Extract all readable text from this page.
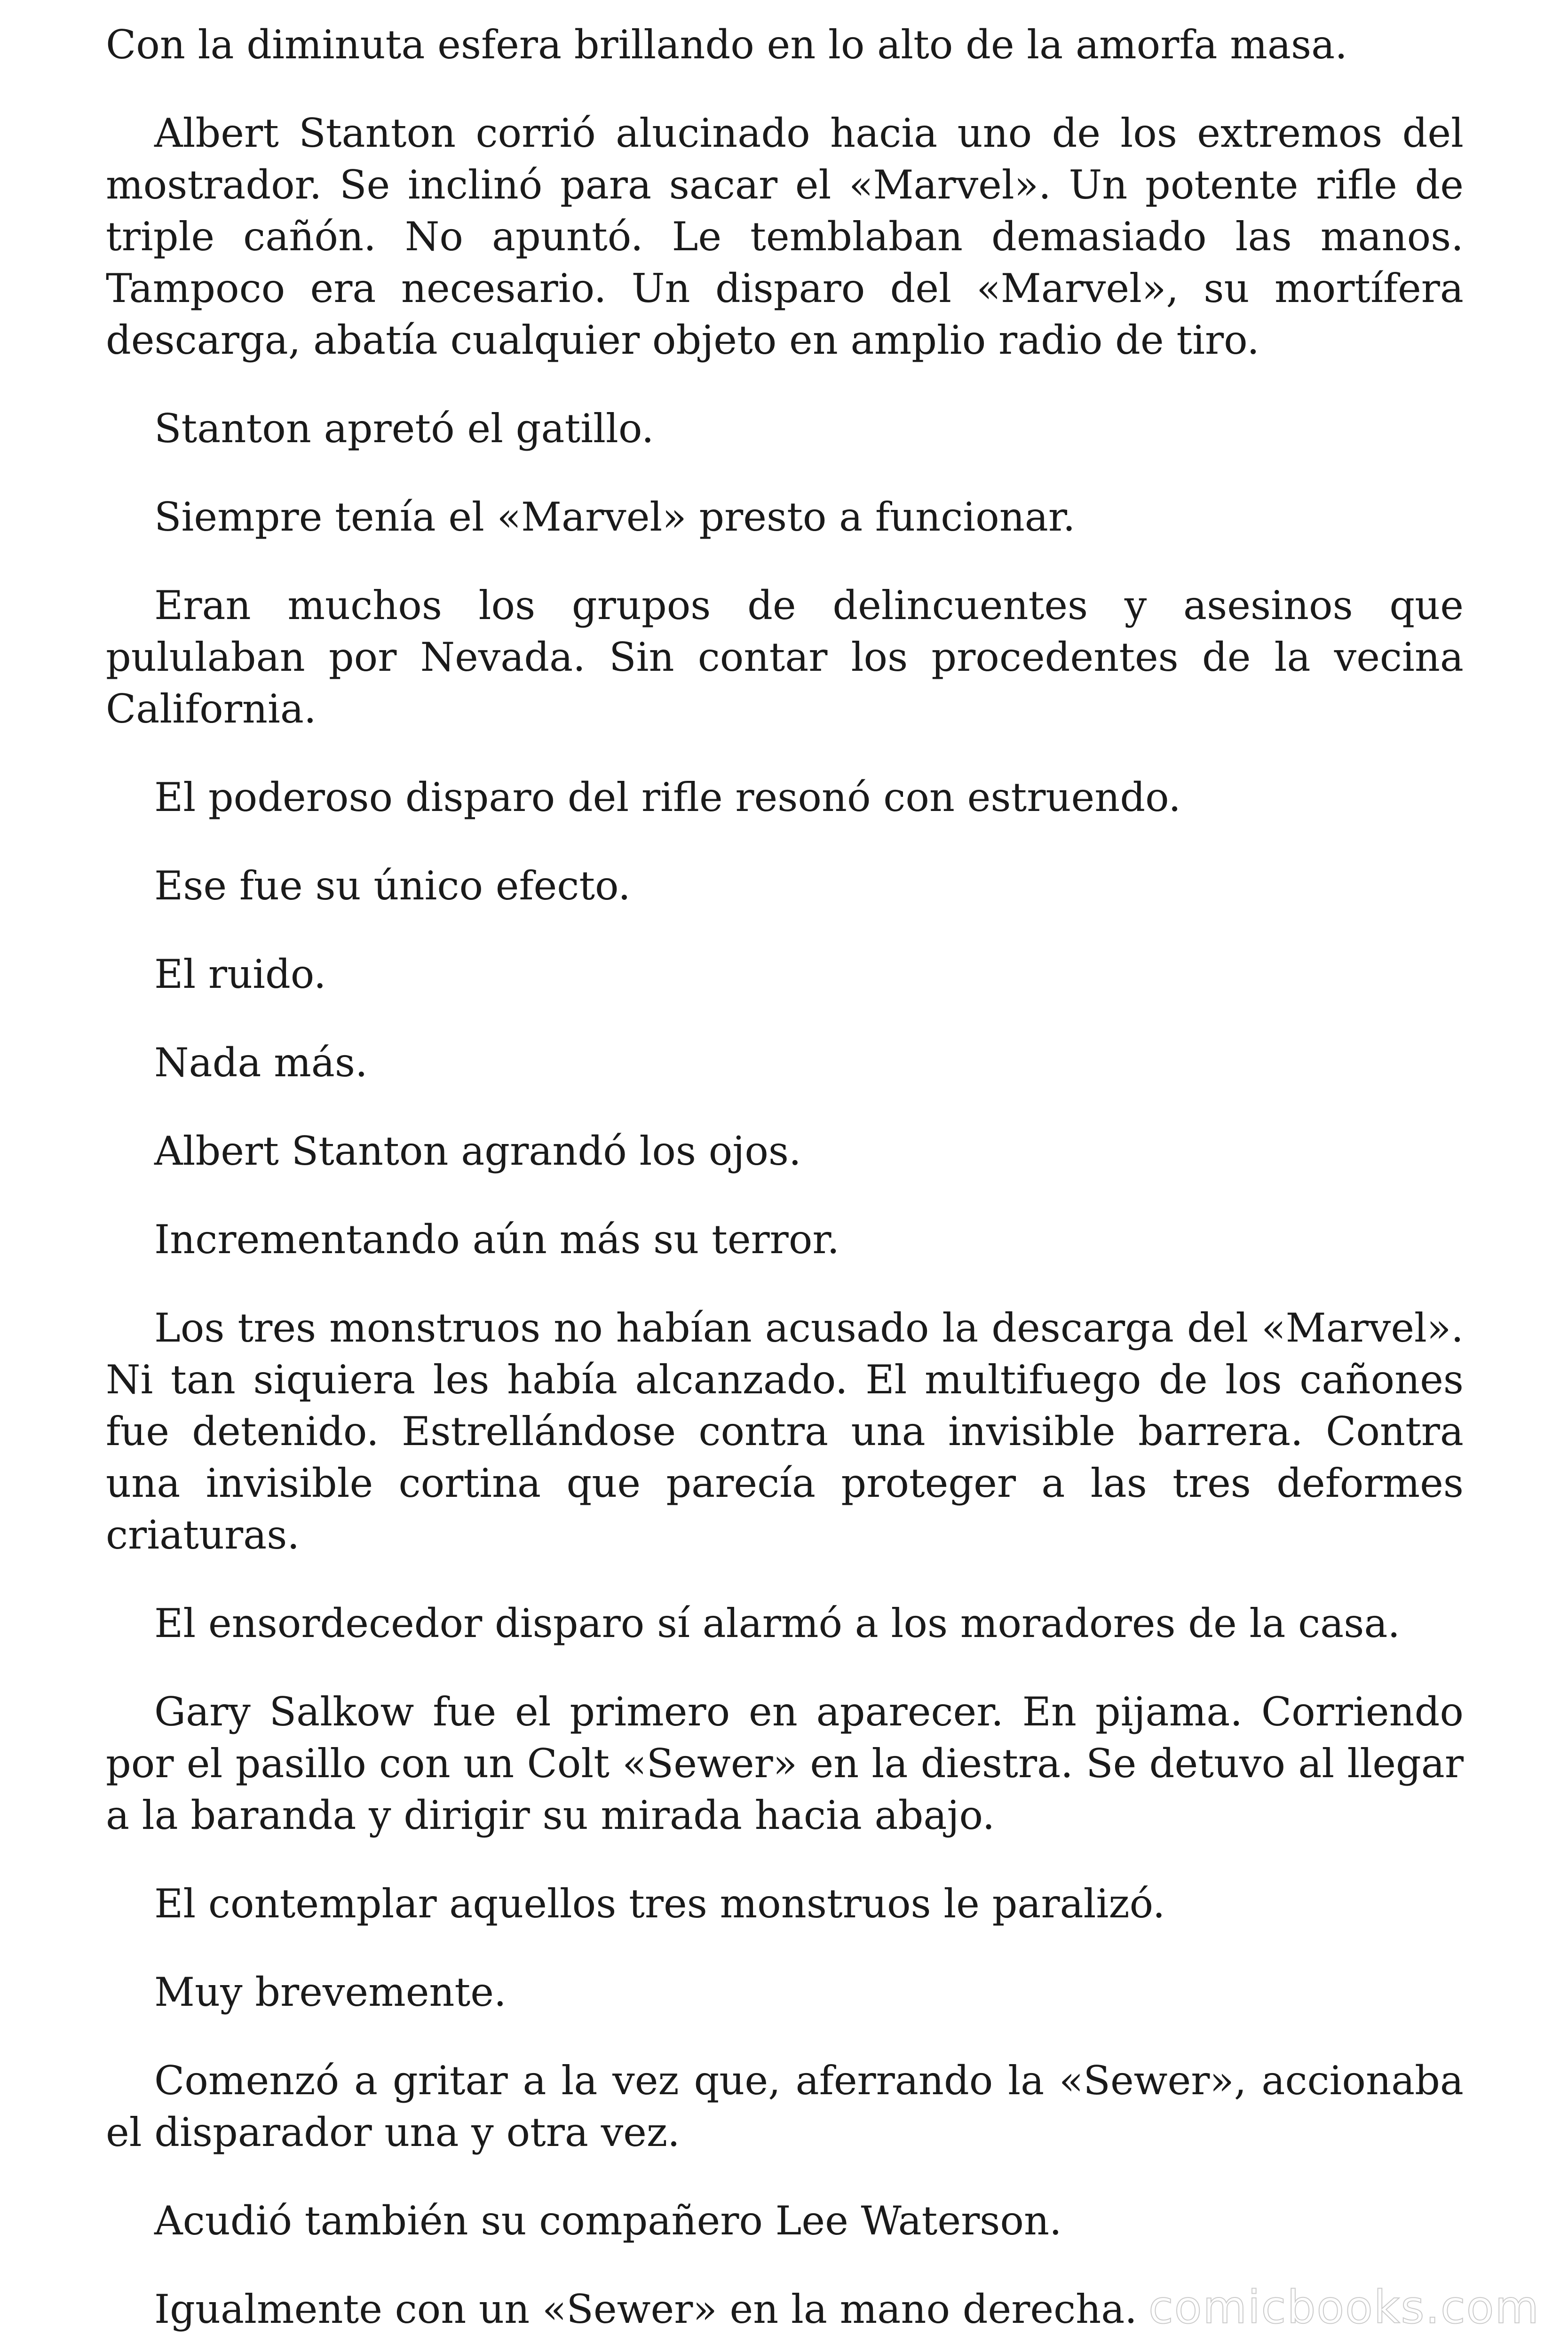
Con la diminuta esfera brillando en lo alto de la amorfa masa.

Albert Stanton corrió alucinado hacia uno de los extremos del mostrador. Se inclinó para sacar el «Marvel». Un potente rifle de triple cañón. No apuntó. Le temblaban demasiado las manos. Tampoco era necesario. Un disparo del «Marvel», su mortífera descarga, abatía cualquier objeto en amplio radio de tiro.

Stanton apretó el gatillo.

Siempre tenía el «Marvel» presto a funcionar.

Eran muchos los grupos de delincuentes y asesinos que pululaban por Nevada. Sin contar los procedentes de la vecina California.

El poderoso disparo del rifle resonó con estruendo.

Ese fue su único efecto.

El ruido.

Nada más.

Albert Stanton agrandó los ojos.

Incrementando aún más su terror.

Los tres monstruos no habían acusado la descarga del «Marvel». Ni tan siquiera les había alcanzado. El multifuego de los cañones fue detenido. Estrellándose contra una invisible barrera. Contra una invisible cortina que parecía proteger a las tres deformes criaturas.

El ensordecedor disparo sí alarmó a los moradores de la casa.

Gary Salkow fue el primero en aparecer. En pijama. Corriendo por el pasillo con un Colt «Sewer» en la diestra. Se detuvo al llegar a la baranda y dirigir su mirada hacia abajo.

El contemplar aquellos tres monstruos le paralizó.

Muy brevemente.

Comenzó a gritar a la vez que, aferrando la «Sewer», accionaba el disparador una y otra vez.

Acudió también su compañero Lee Waterson.

Igualmente con un «Sewer» en la mano derecha. comicbooks.com
